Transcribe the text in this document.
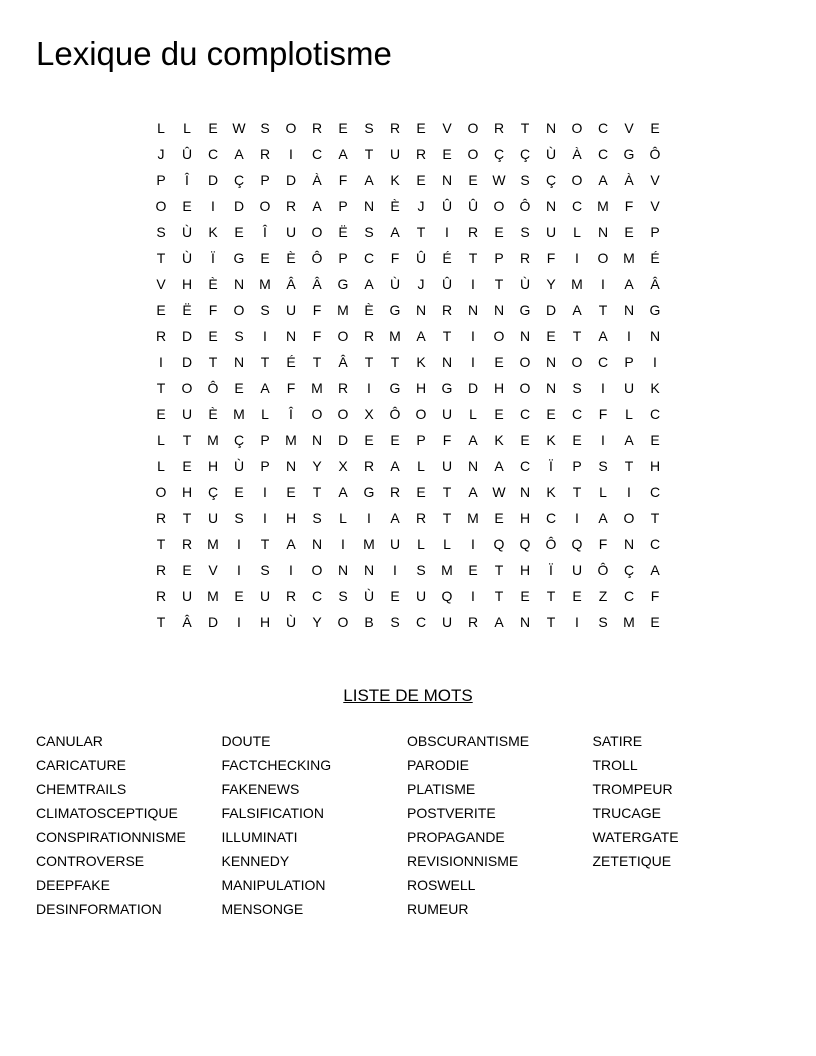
Lexique du complotisme
L	L	E	W	S	O	R	E	S	R	E	V	O	R	T	N	O	C	V	E
J	Û	C	A	R	I	C	A	T	U	R	E	O	Ç	Ç	Ù	À	C	G	Ô
P	Î	D	Ç	P	D	À	F	A	K	E	N	E	W	S	Ç	O	A	À	V
O	E	I	D	O	R	A	P	N	È	J	Û	Û	O	Ô	N	C	M	F	V
S	Ù	K	E	Î	U	O	Ë	S	A	T	I	R	E	S	U	L	N	E	P
T	Ù	Ï	G	E	È	Ô	P	C	F	Û	É	T	P	R	F	I	O	M	É
V	H	È	N	M	Â	Â	G	A	Ù	J	Û	I	T	Ù	Y	M	I	A	Â
E	Ë	F	O	S	U	F	M	È	G	N	R	N	N	G	D	A	T	N	G
R	D	E	S	I	N	F	O	R	M	A	T	I	O	N	E	T	A	I	N
I	D	T	N	T	É	T	Â	T	T	K	N	I	E	O	N	O	C	P	I
T	O	Ô	E	A	F	M	R	I	G	H	G	D	H	O	N	S	I	U	K
E	U	È	M	L	Î	O	O	X	Ô	O	U	L	E	C	E	C	F	L	C
L	T	M	Ç	P	M	N	D	E	E	P	F	A	K	E	K	E	I	A	E
L	E	H	Ù	P	N	Y	X	R	A	L	U	N	A	C	Ï	P	S	T	H
O	H	Ç	E	I	E	T	A	G	R	E	T	A	W	N	K	T	L	I	C
R	T	U	S	I	H	S	L	I	A	R	T	M	E	H	C	I	A	O	T
T	R	M	I	T	A	N	I	M	U	L	L	I	Q	Q	Ô	Q	F	N	C
R	E	V	I	S	I	O	N	N	I	S	M	E	T	H	Ï	U	Ô	Ç	A
R	U	M	E	U	R	C	S	Ù	E	U	Q	I	T	E	T	E	Z	C	F
T	Â	D	I	H	Ù	Y	O	B	S	C	U	R	A	N	T	I	S	M	E
LISTE DE MOTS
CANULAR
CARICATURE
CHEMTRAILS
CLIMATOSCEPTIQUE
CONSPIRATIONNISME
CONTROVERSE
DEEPFAKE
DESINFORMATION
DOUTE
FACTCHECKING
FAKENEWS
FALSIFICATION
ILLUMINATI
KENNEDY
MANIPULATION
MENSONGE
OBSCURANTISME
PARODIE
PLATISME
POSTVERITE
PROPAGANDE
REVISIONNISME
ROSWELL
RUMEUR
SATIRE
TROLL
TROMPEUR
TRUCAGE
WATERGATE
ZETETIQUE
